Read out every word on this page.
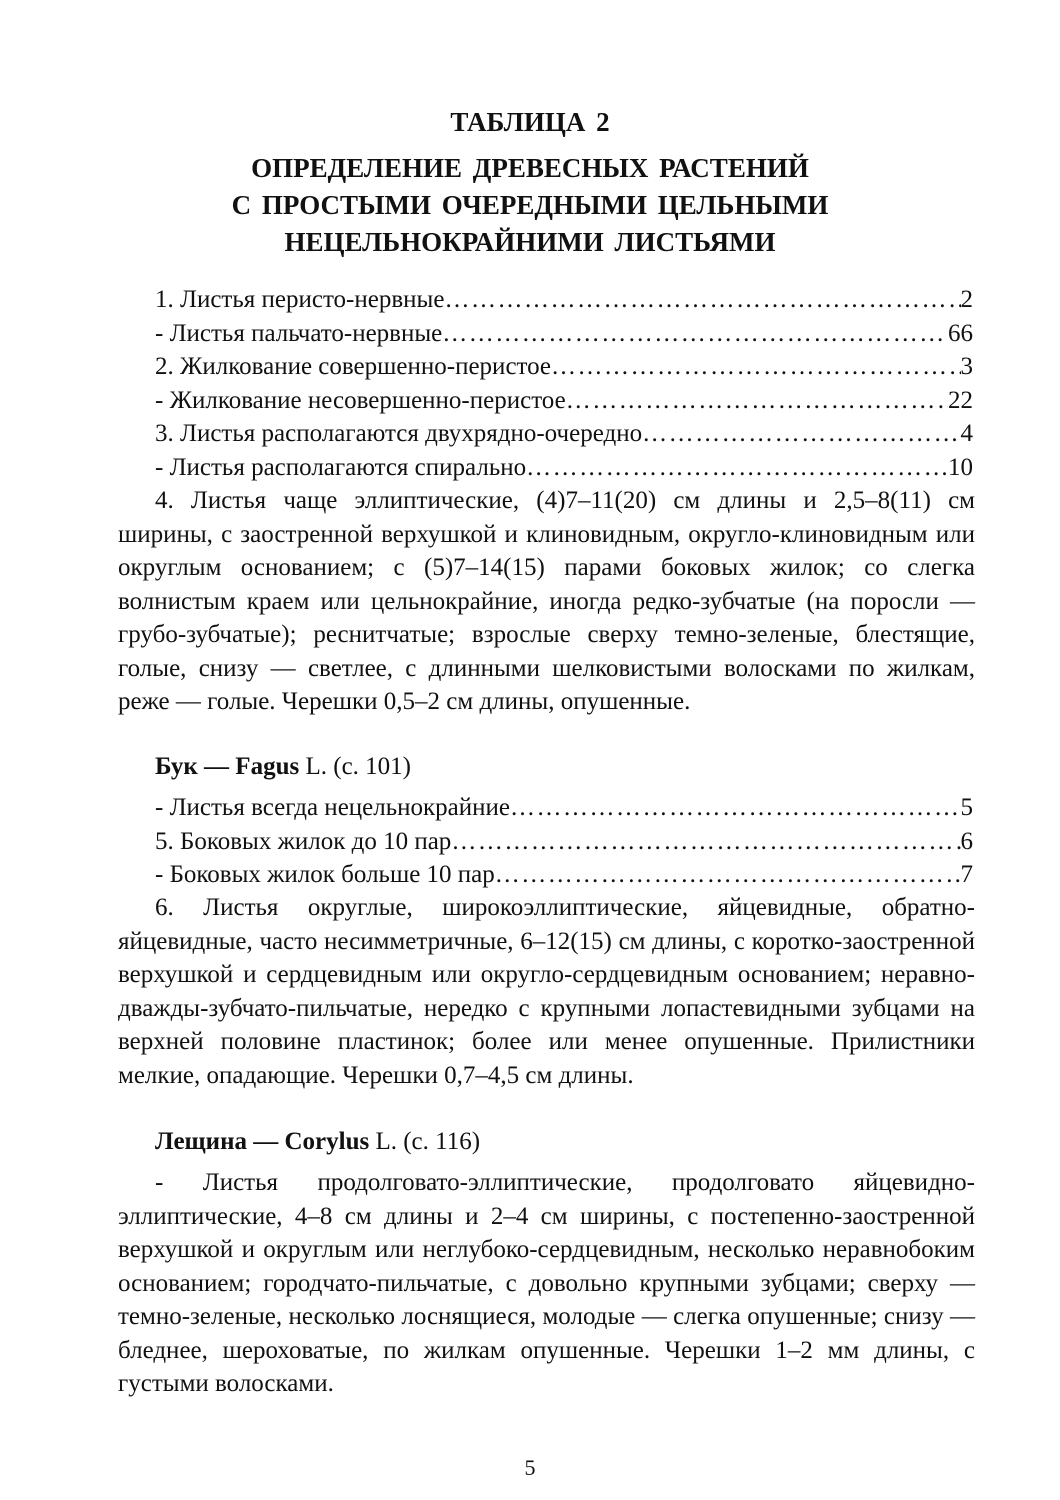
ТАБЛИЦА 2
ОПРЕДЕЛЕНИЕ ДРЕВЕСНЫХ РАСТЕНИЙ
С ПРОСТЫМИ ОЧЕРЕДНЫМИ ЦЕЛЬНЫМИ
НЕЦЕЛЬНОКРАЙНИМИ ЛИСТЬЯМИ
1. Листья перисто-нервные ………………………………………………………………………………………………………………………………………………	2
- Листья пальчато-нервные ………………………………………………………………………………………………………………………………………………	66
2. Жилкование совершенно-перистое ………………………………………………………………………………………………………………………………………………	3
- Жилкование несовершенно-перистое ………………………………………………………………………………………………………………………………………………	22
3. Листья располагаются двухрядно-очередно ………………………………………………………………………………………………………………………………………………	4
- Листья располагаются спирально ………………………………………………………………………………………………………………………………………………	10

4. Листья чаще эллиптические, (4)7–11(20) см длины и 2,5–8(11) см ширины, с заостренной верхушкой и клиновидным, округло-клиновидным или округлым основанием; с (5)7–14(15) парами боковых жилок; со слегка волнистым краем или цельнокрайние, иногда редко-зубчатые (на поросли — грубо-зубчатые); реснитчатые; взрослые сверху темно-зеленые, блестящие, голые, снизу — светлее, с длинными шелковистыми волосками по жилкам, реже — голые. Черешки 0,5–2 см длины, опушенные.

Бук — Fagus L. (с. 101)
- Листья всегда нецельнокрайние ………………………………………………………………………………………………………………………………………………	5
5. Боковых жилок до 10 пар ………………………………………………………………………………………………………………………………………………	6
- Боковых жилок больше 10 пар ………………………………………………………………………………………………………………………………………………	7

6. Листья округлые, широкоэллиптические, яйцевидные, обратно-яйцевидные, часто несимметричные, 6–12(15) см длины, с коротко-заостренной верхушкой и сердцевидным или округло-сердцевидным основанием; неравно-дважды-зубчато-пильчатые, нередко с крупными лопастевидными зубцами на верхней половине пластинок; более или менее опушенные. Прилистники мелкие, опадающие. Черешки 0,7–4,5 см длины.

Лещина — Corylus L. (с. 116)

- Листья продолговато-эллиптические, продолговато яйцевидно-эллиптические, 4–8 см длины и 2–4 см ширины, с постепенно-заостренной верхушкой и округлым или неглубоко-сердцевидным, несколько неравнобоким основанием; городчато-пильчатые, с довольно крупными зубцами; сверху — темно-зеленые, несколько лоснящиеся, молодые — слегка опушенные; снизу — бледнее, шероховатые, по жилкам опушенные. Черешки 1–2 мм длины, с густыми волосками.

5
